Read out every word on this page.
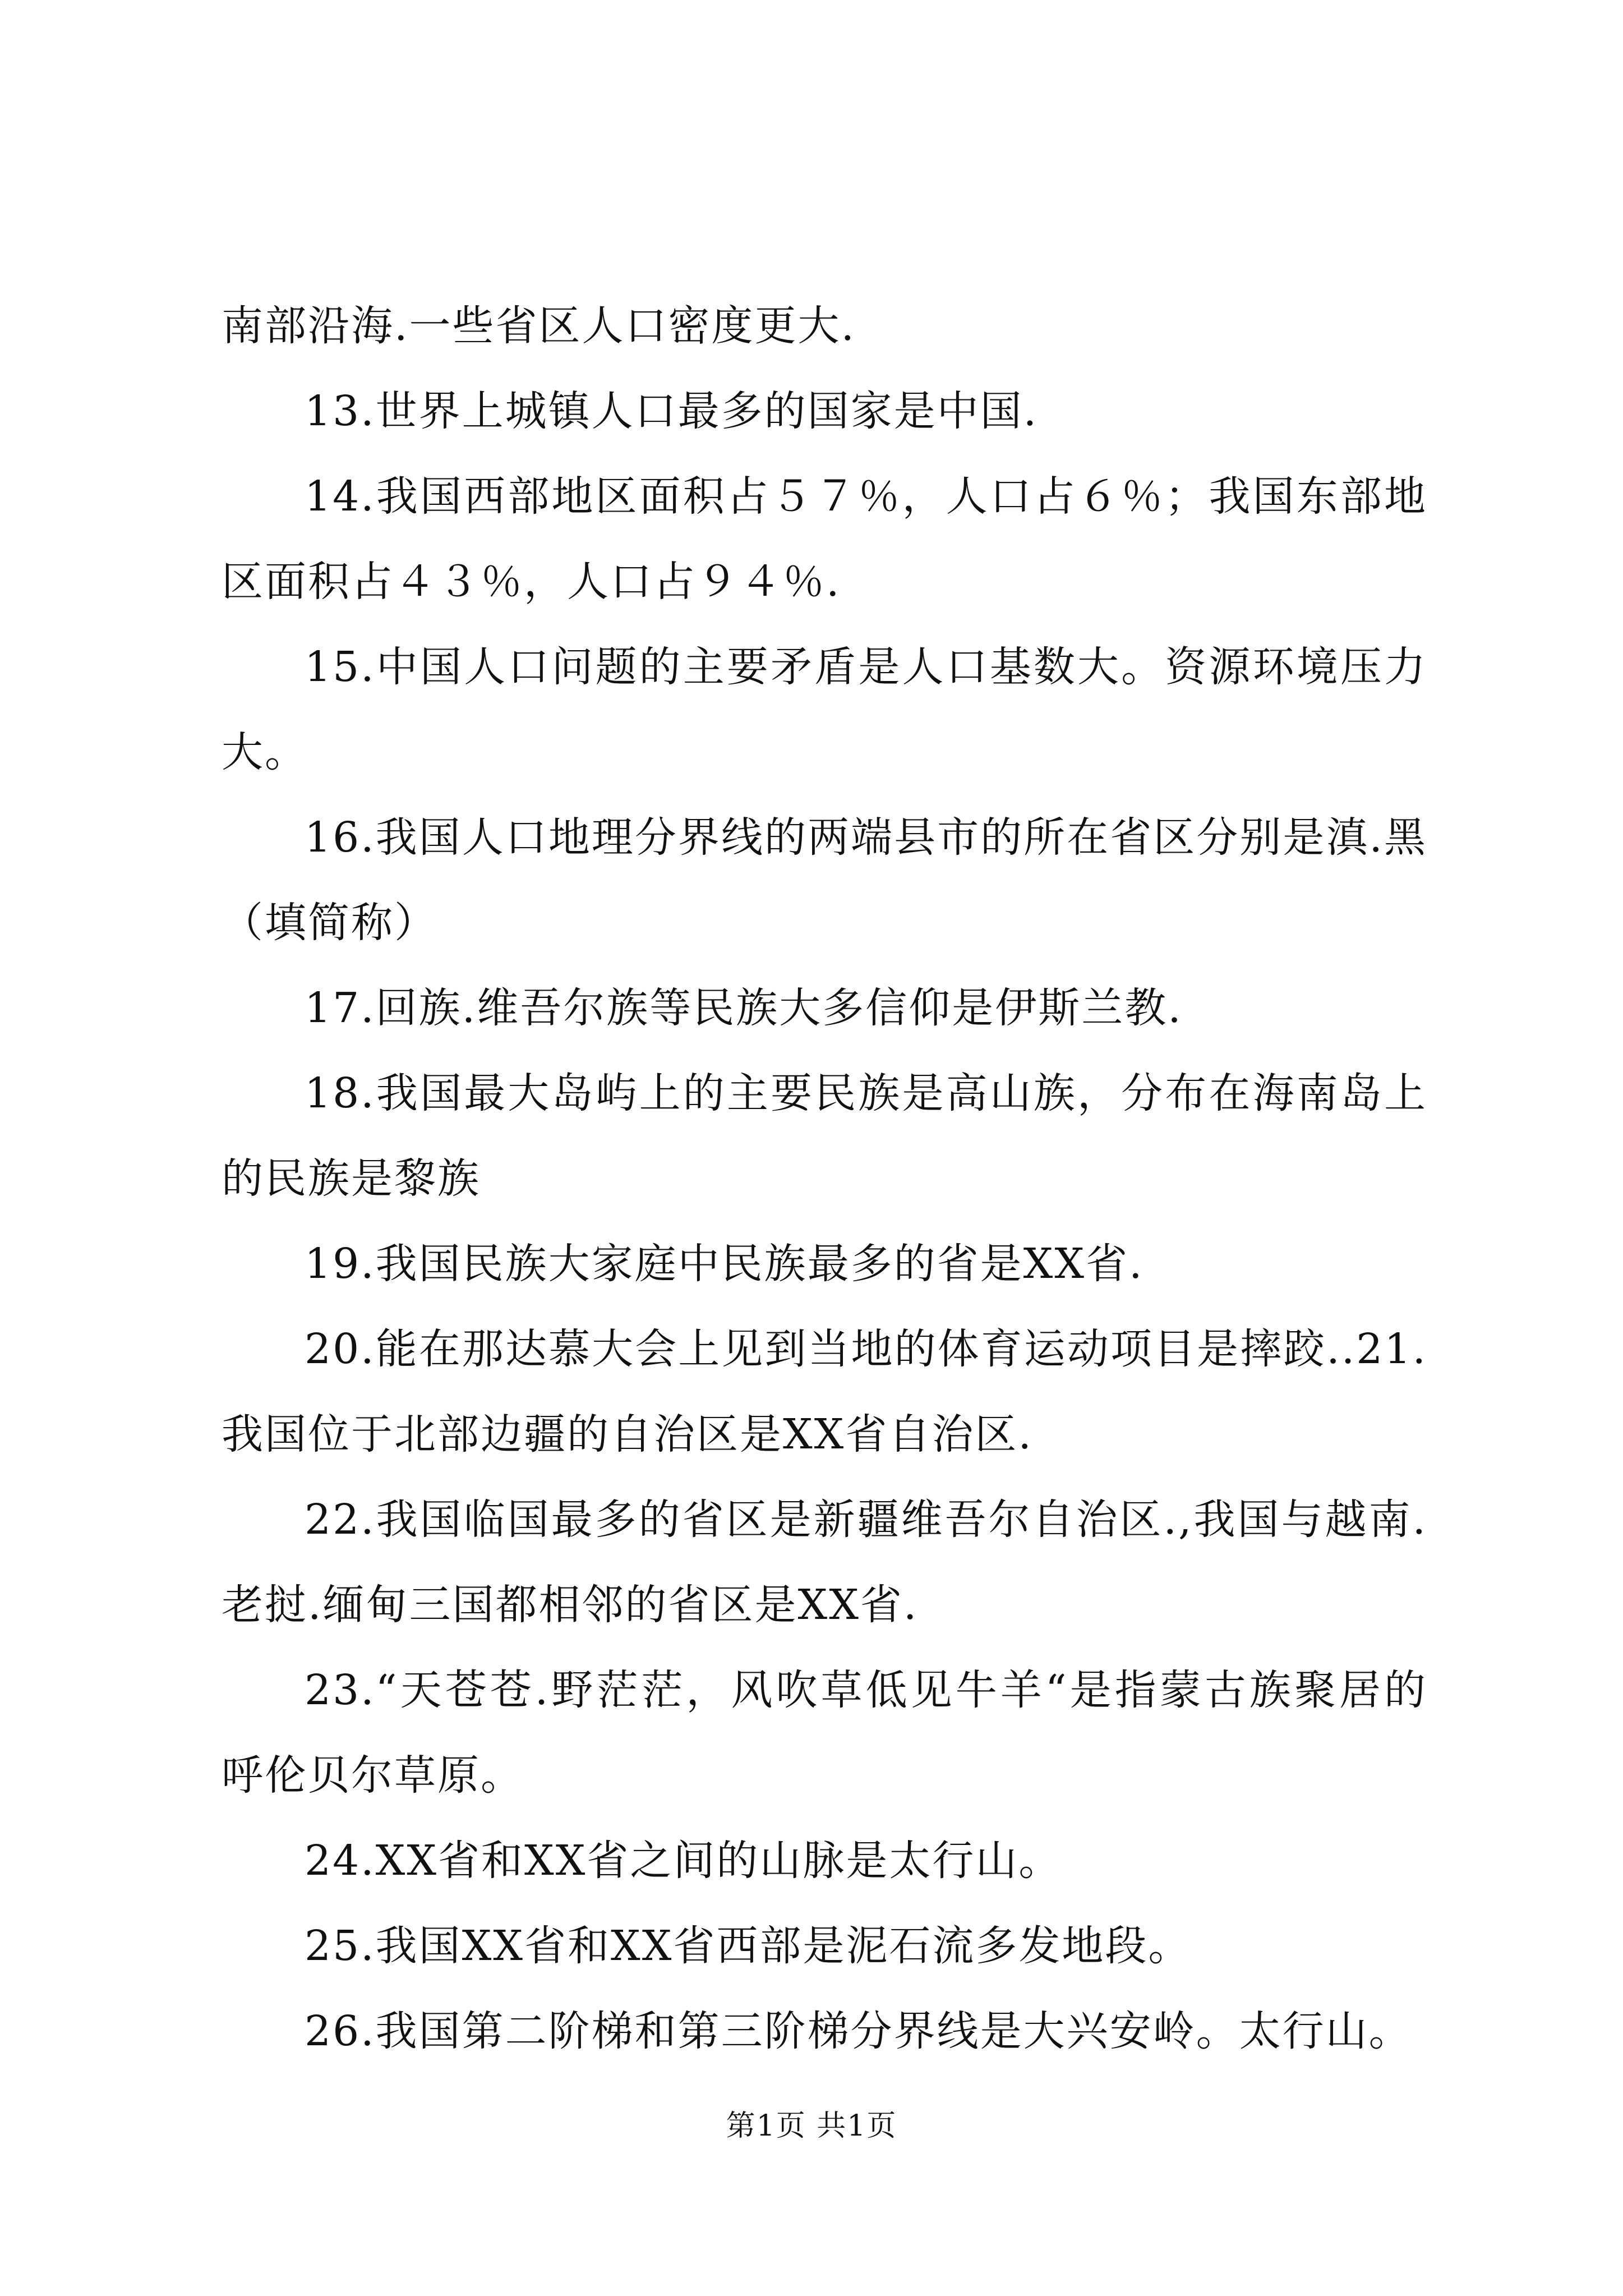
南部沿海.一些省区人口密度更大.

13.世界上城镇人口最多的国家是中国.

14.我国西部地区面积占５７％，人口占６％；我国东部地区面积占４３％，人口占９４％.

15.中国人口问题的主要矛盾是人口基数大。资源环境压力大。

16.我国人口地理分界线的两端县市的所在省区分别是滇.黑（填简称）

17.回族.维吾尔族等民族大多信仰是伊斯兰教.

18.我国最大岛屿上的主要民族是高山族，分布在海南岛上的民族是黎族

19.我国民族大家庭中民族最多的省是XX省.

20.能在那达慕大会上见到当地的体育运动项目是摔跤..21.我国位于北部边疆的自治区是XX省自治区.

22.我国临国最多的省区是新疆维吾尔自治区.,我国与越南.老挝.缅甸三国都相邻的省区是XX省.

23.“天苍苍.野茫茫，风吹草低见牛羊“是指蒙古族聚居的呼伦贝尔草原。

24.XX省和XX省之间的山脉是太行山。

25.我国XX省和XX省西部是泥石流多发地段。

26.我国第二阶梯和第三阶梯分界线是大兴安岭。太行山。

第1页 共1页
